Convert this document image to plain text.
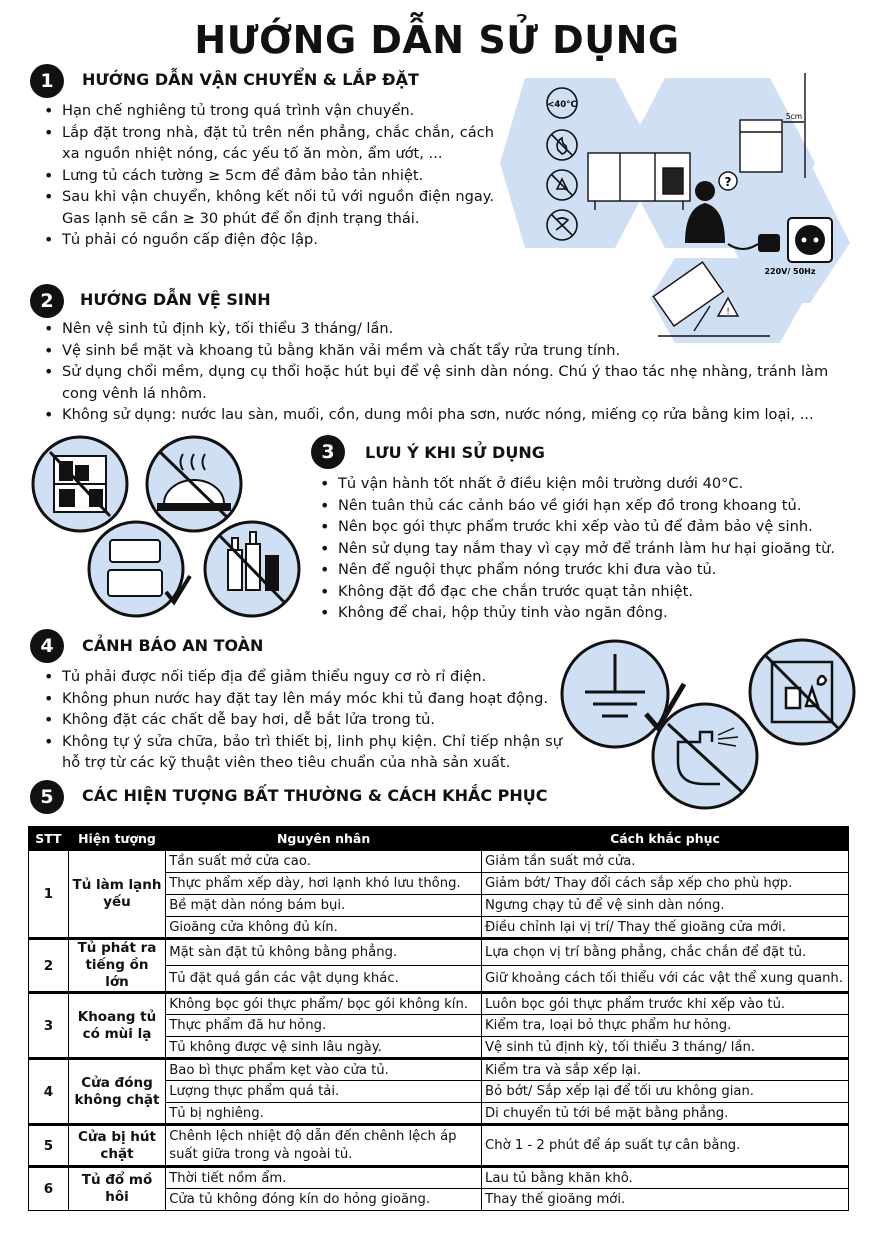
HƯỚNG DẪN SỬ DỤNG
1	HƯỚNG DẪN VẬN CHUYỂN & LẮP ĐẶT
• Hạn chế nghiêng tủ trong quá trình vận chuyển.
• Lắp đặt trong nhà, đặt tủ trên nền phẳng, chắc chắn, cách xa nguồn nhiệt nóng, các yếu tố ăn mòn, ẩm ướt, ...
• Lưng tủ cách tường ≥ 5cm để đảm bảo tản nhiệt.
• Sau khi vận chuyển, không kết nối tủ với nguồn điện ngay. Gas lạnh sẽ cần ≥ 30 phút để ổn định trạng thái.
• Tủ phải có nguồn cấp điện độc lập.
<40°C
5cm
?
220V/ 50Hz
!
2	HƯỚNG DẪN VỆ SINH
• Nên vệ sinh tủ định kỳ, tối thiểu 3 tháng/ lần.
• Vệ sinh bề mặt và khoang tủ bằng khăn vải mềm và chất tẩy rửa trung tính.
• Sử dụng chổi mềm, dụng cụ thổi hoặc hút bụi để vệ sinh dàn nóng. Chú ý thao tác nhẹ nhàng, tránh làm cong vênh lá nhôm.
• Không sử dụng: nước lau sàn, muối, cồn, dung môi pha sơn, nước nóng, miếng cọ rửa bằng kim loại, ...
3	LƯU Ý KHI SỬ DỤNG
• Tủ vận hành tốt nhất ở điều kiện môi trường dưới 40°C.
• Nên tuân thủ các cảnh báo về giới hạn xếp đồ trong khoang tủ.
• Nên bọc gói thực phẩm trước khi xếp vào tủ để đảm bảo vệ sinh.
• Nên sử dụng tay nắm thay vì cạy mở để tránh làm hư hại gioăng từ.
• Nên để nguội thực phẩm nóng trước khi đưa vào tủ.
• Không đặt đồ đạc che chắn trước quạt tản nhiệt.
• Không để chai, hộp thủy tinh vào ngăn đông.
4	CẢNH BÁO AN TOÀN
• Tủ phải được nối tiếp địa để giảm thiểu nguy cơ rò rỉ điện.
• Không phun nước hay đặt tay lên máy móc khi tủ đang hoạt động.
• Không đặt các chất dễ bay hơi, dễ bắt lửa trong tủ.
• Không tự ý sửa chữa, bảo trì thiết bị, linh phụ kiện. Chỉ tiếp nhận sự hỗ trợ từ các kỹ thuật viên theo tiêu chuẩn của nhà sản xuất.
5	CÁC HIỆN TƯỢNG BẤT THƯỜNG & CÁCH KHẮC PHỤC
STT	Hiện tượng	Nguyên nhân	Cách khắc phục
1	Tủ làm lạnh yếu	Tần suất mở cửa cao.	Giảm tần suất mở cửa.
		Thực phẩm xếp dày, hơi lạnh khó lưu thông.	Giảm bớt/ Thay đổi cách sắp xếp cho phù hợp.
		Bề mặt dàn nóng bám bụi.	Ngưng chạy tủ để vệ sinh dàn nóng.
		Gioăng cửa không đủ kín.	Điều chỉnh lại vị trí/ Thay thế gioăng cửa mới.
2	Tủ phát ra tiếng ồn lớn	Mặt sàn đặt tủ không bằng phẳng.	Lựa chọn vị trí bằng phẳng, chắc chắn để đặt tủ.
		Tủ đặt quá gần các vật dụng khác.	Giữ khoảng cách tối thiểu với các vật thể xung quanh.
3	Khoang tủ có mùi lạ	Không bọc gói thực phẩm/ bọc gói không kín.	Luôn bọc gói thực phẩm trước khi xếp vào tủ.
		Thực phẩm đã hư hỏng.	Kiểm tra, loại bỏ thực phẩm hư hỏng.
		Tủ không được vệ sinh lâu ngày.	Vệ sinh tủ định kỳ, tối thiểu 3 tháng/ lần.
4	Cửa đóng không chặt	Bao bì thực phẩm kẹt vào cửa tủ.	Kiểm tra và sắp xếp lại.
		Lượng thực phẩm quá tải.	Bỏ bớt/ Sắp xếp lại để tối ưu không gian.
		Tủ bị nghiêng.	Di chuyển tủ tới bề mặt bằng phẳng.
5	Cửa bị hút chặt	Chênh lệch nhiệt độ dẫn đến chênh lệch áp suất giữa trong và ngoài tủ.	Chờ 1 - 2 phút để áp suất tự cân bằng.
6	Tủ đổ mồ hôi	Thời tiết nồm ẩm.	Lau tủ bằng khăn khô.
		Cửa tủ không đóng kín do hỏng gioăng.	Thay thế gioăng mới.
